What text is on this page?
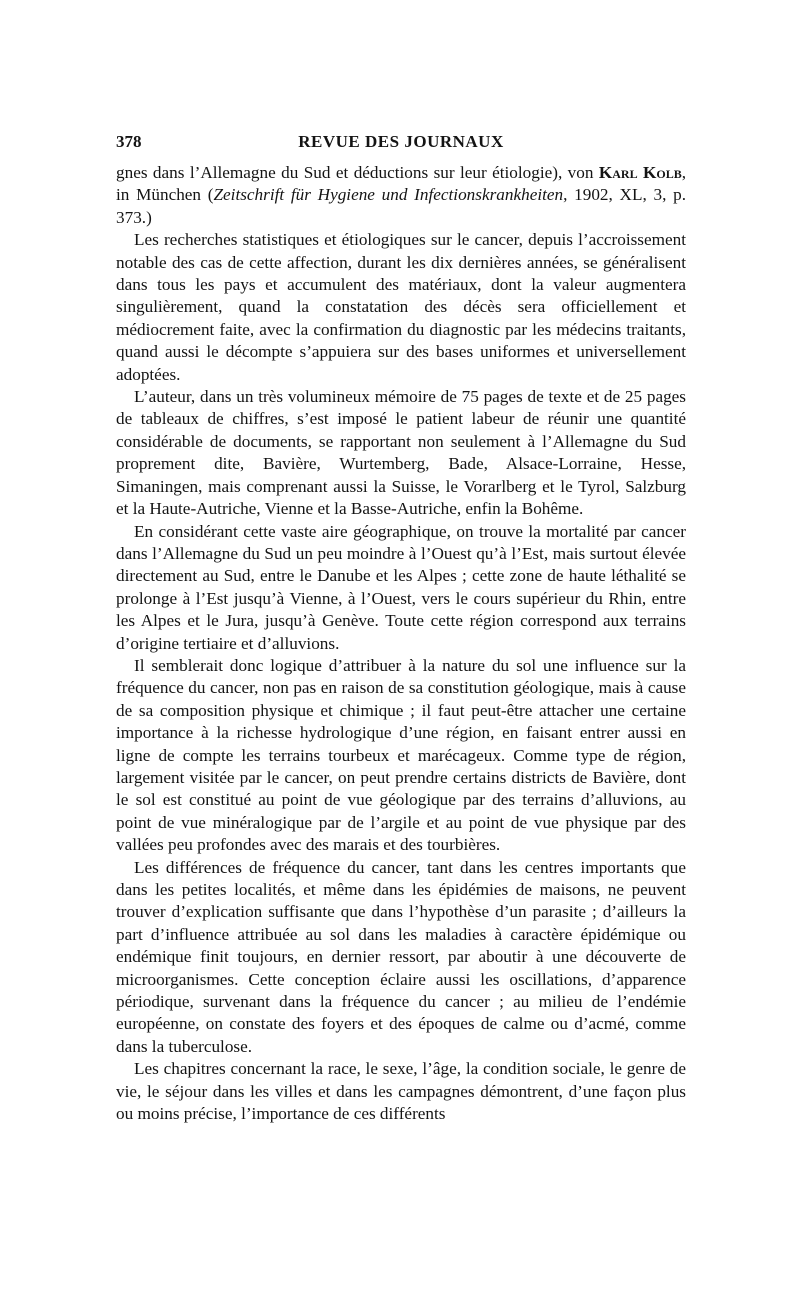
378	REVUE DES JOURNAUX

gnes dans l’Allemagne du Sud et déductions sur leur étiologie), von Karl Kolb, in München (Zeitschrift für Hygiene und Infectionskrankheiten, 1902, XL, 3, p. 373.)

Les recherches statistiques et étiologiques sur le cancer, depuis l’accroissement notable des cas de cette affection, durant les dix dernières années, se généralisent dans tous les pays et accumulent des matériaux, dont la valeur augmentera singulièrement, quand la constatation des décès sera officiellement et médiocrement faite, avec la confirmation du diagnostic par les médecins traitants, quand aussi le décompte s’appuiera sur des bases uniformes et universellement adoptées.

L’auteur, dans un très volumineux mémoire de 75 pages de texte et de 25 pages de tableaux de chiffres, s’est imposé le patient labeur de réunir une quantité considérable de documents, se rapportant non seulement à l’Allemagne du Sud proprement dite, Bavière, Wurtemberg, Bade, Alsace-Lorraine, Hesse, Simaningen, mais comprenant aussi la Suisse, le Vorarlberg et le Tyrol, Salzburg et la Haute-Autriche, Vienne et la Basse-Autriche, enfin la Bohême.

En considérant cette vaste aire géographique, on trouve la mortalité par cancer dans l’Allemagne du Sud un peu moindre à l’Ouest qu’à l’Est, mais surtout élevée directement au Sud, entre le Danube et les Alpes ; cette zone de haute léthalité se prolonge à l’Est jusqu’à Vienne, à l’Ouest, vers le cours supérieur du Rhin, entre les Alpes et le Jura, jusqu’à Genève. Toute cette région correspond aux terrains d’origine tertiaire et d’alluvions.

Il semblerait donc logique d’attribuer à la nature du sol une influence sur la fréquence du cancer, non pas en raison de sa constitution géologique, mais à cause de sa composition physique et chimique ; il faut peut-être attacher une certaine importance à la richesse hydrologique d’une région, en faisant entrer aussi en ligne de compte les terrains tourbeux et marécageux. Comme type de région, largement visitée par le cancer, on peut prendre certains districts de Bavière, dont le sol est constitué au point de vue géologique par des terrains d’alluvions, au point de vue minéralogique par de l’argile et au point de vue physique par des vallées peu profondes avec des marais et des tourbières.

Les différences de fréquence du cancer, tant dans les centres importants que dans les petites localités, et même dans les épidémies de maisons, ne peuvent trouver d’explication suffisante que dans l’hypothèse d’un parasite ; d’ailleurs la part d’influence attribuée au sol dans les maladies à caractère épidémique ou endémique finit toujours, en dernier ressort, par aboutir à une découverte de microorganismes. Cette conception éclaire aussi les oscillations, d’apparence périodique, survenant dans la fréquence du cancer ; au milieu de l’endémie européenne, on constate des foyers et des époques de calme ou d’acmé, comme dans la tuberculose.

Les chapitres concernant la race, le sexe, l’âge, la condition sociale, le genre de vie, le séjour dans les villes et dans les campagnes démontrent, d’une façon plus ou moins précise, l’importance de ces différents
